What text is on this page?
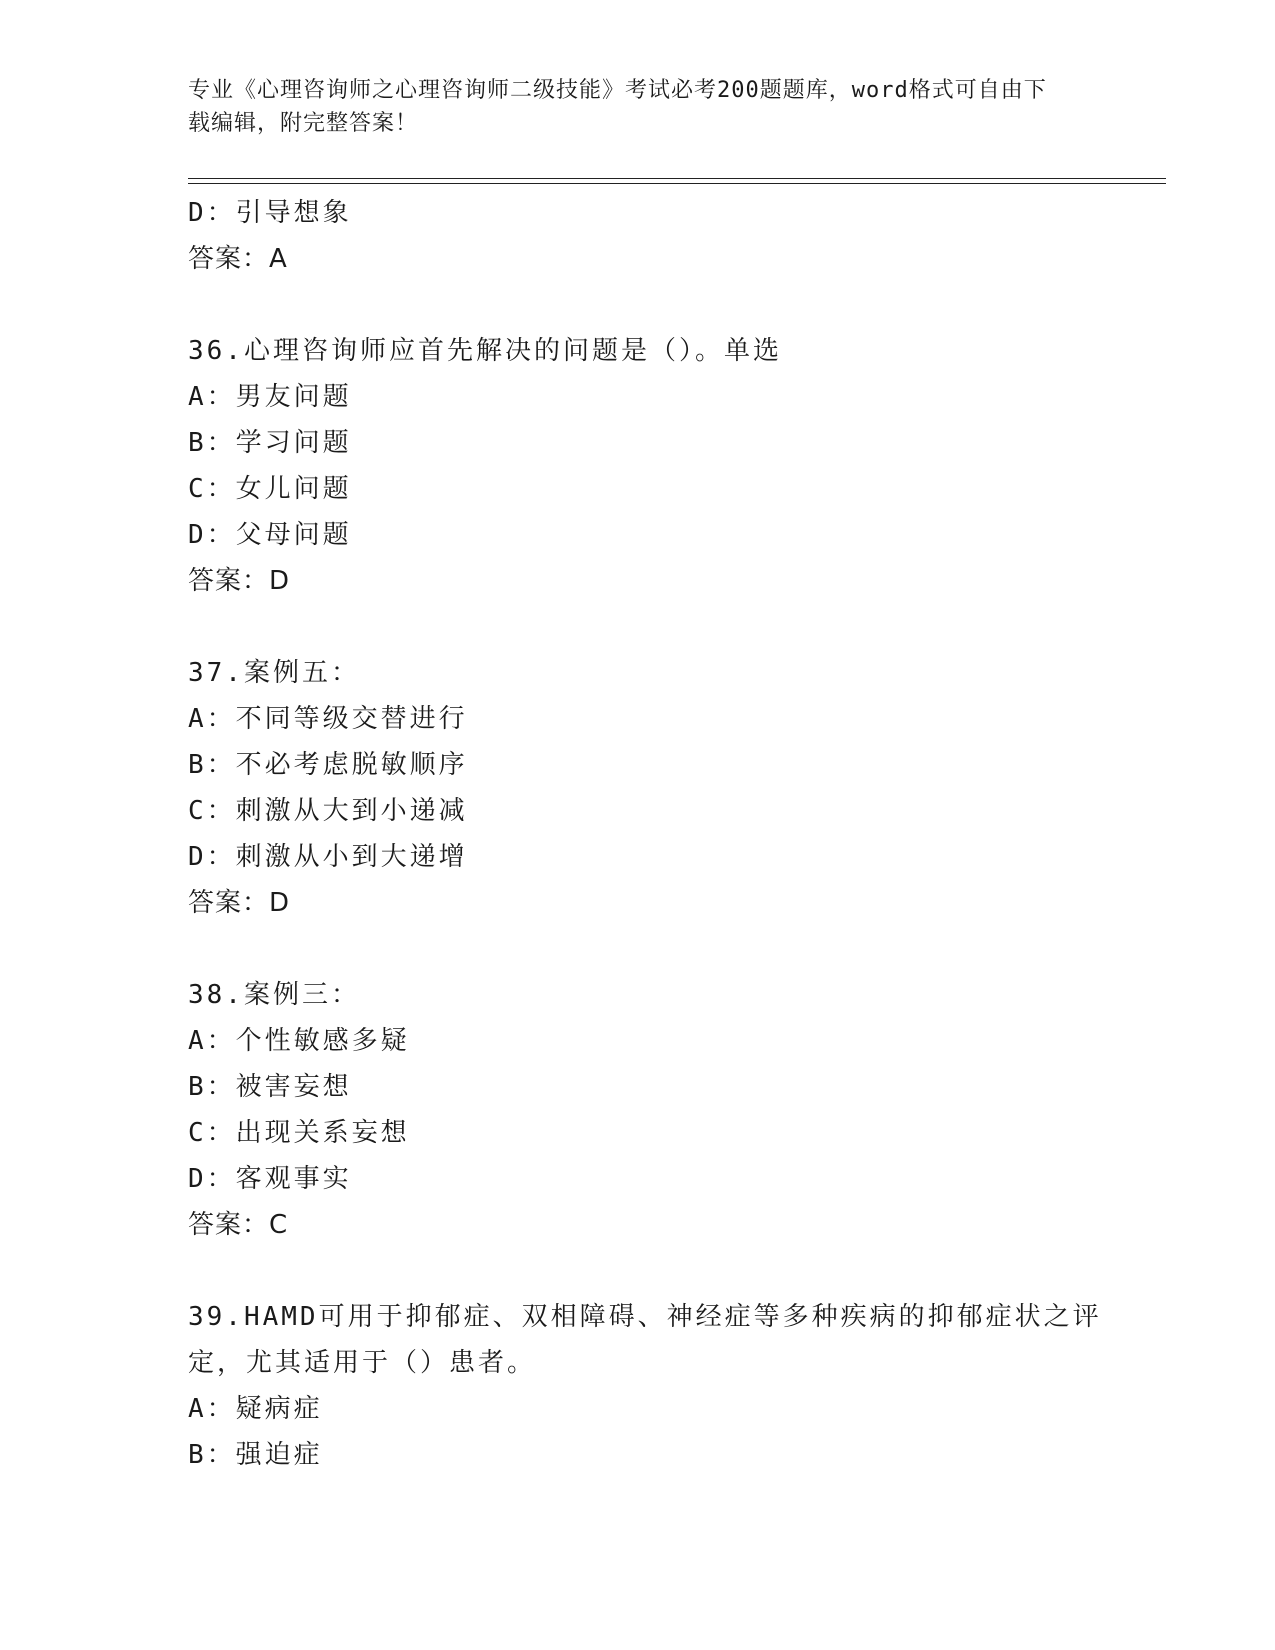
专业《心理咨询师之心理咨询师二级技能》考试必考200题题库，word格式可自由下载编辑，附完整答案！
D：引导想象
答案：A
36.心理咨询师应首先解决的问题是（）。单选
A：男友问题
B：学习问题
C：女儿问题
D：父母问题
答案：D
37.案例五：
A：不同等级交替进行
B：不必考虑脱敏顺序
C：刺激从大到小递减
D：刺激从小到大递增
答案：D
38.案例三：
A：个性敏感多疑
B：被害妄想
C：出现关系妄想
D：客观事实
答案：C
39.HAMD可用于抑郁症、双相障碍、神经症等多种疾病的抑郁症状之评
定，尤其适用于（）患者。
A：疑病症
B：强迫症
